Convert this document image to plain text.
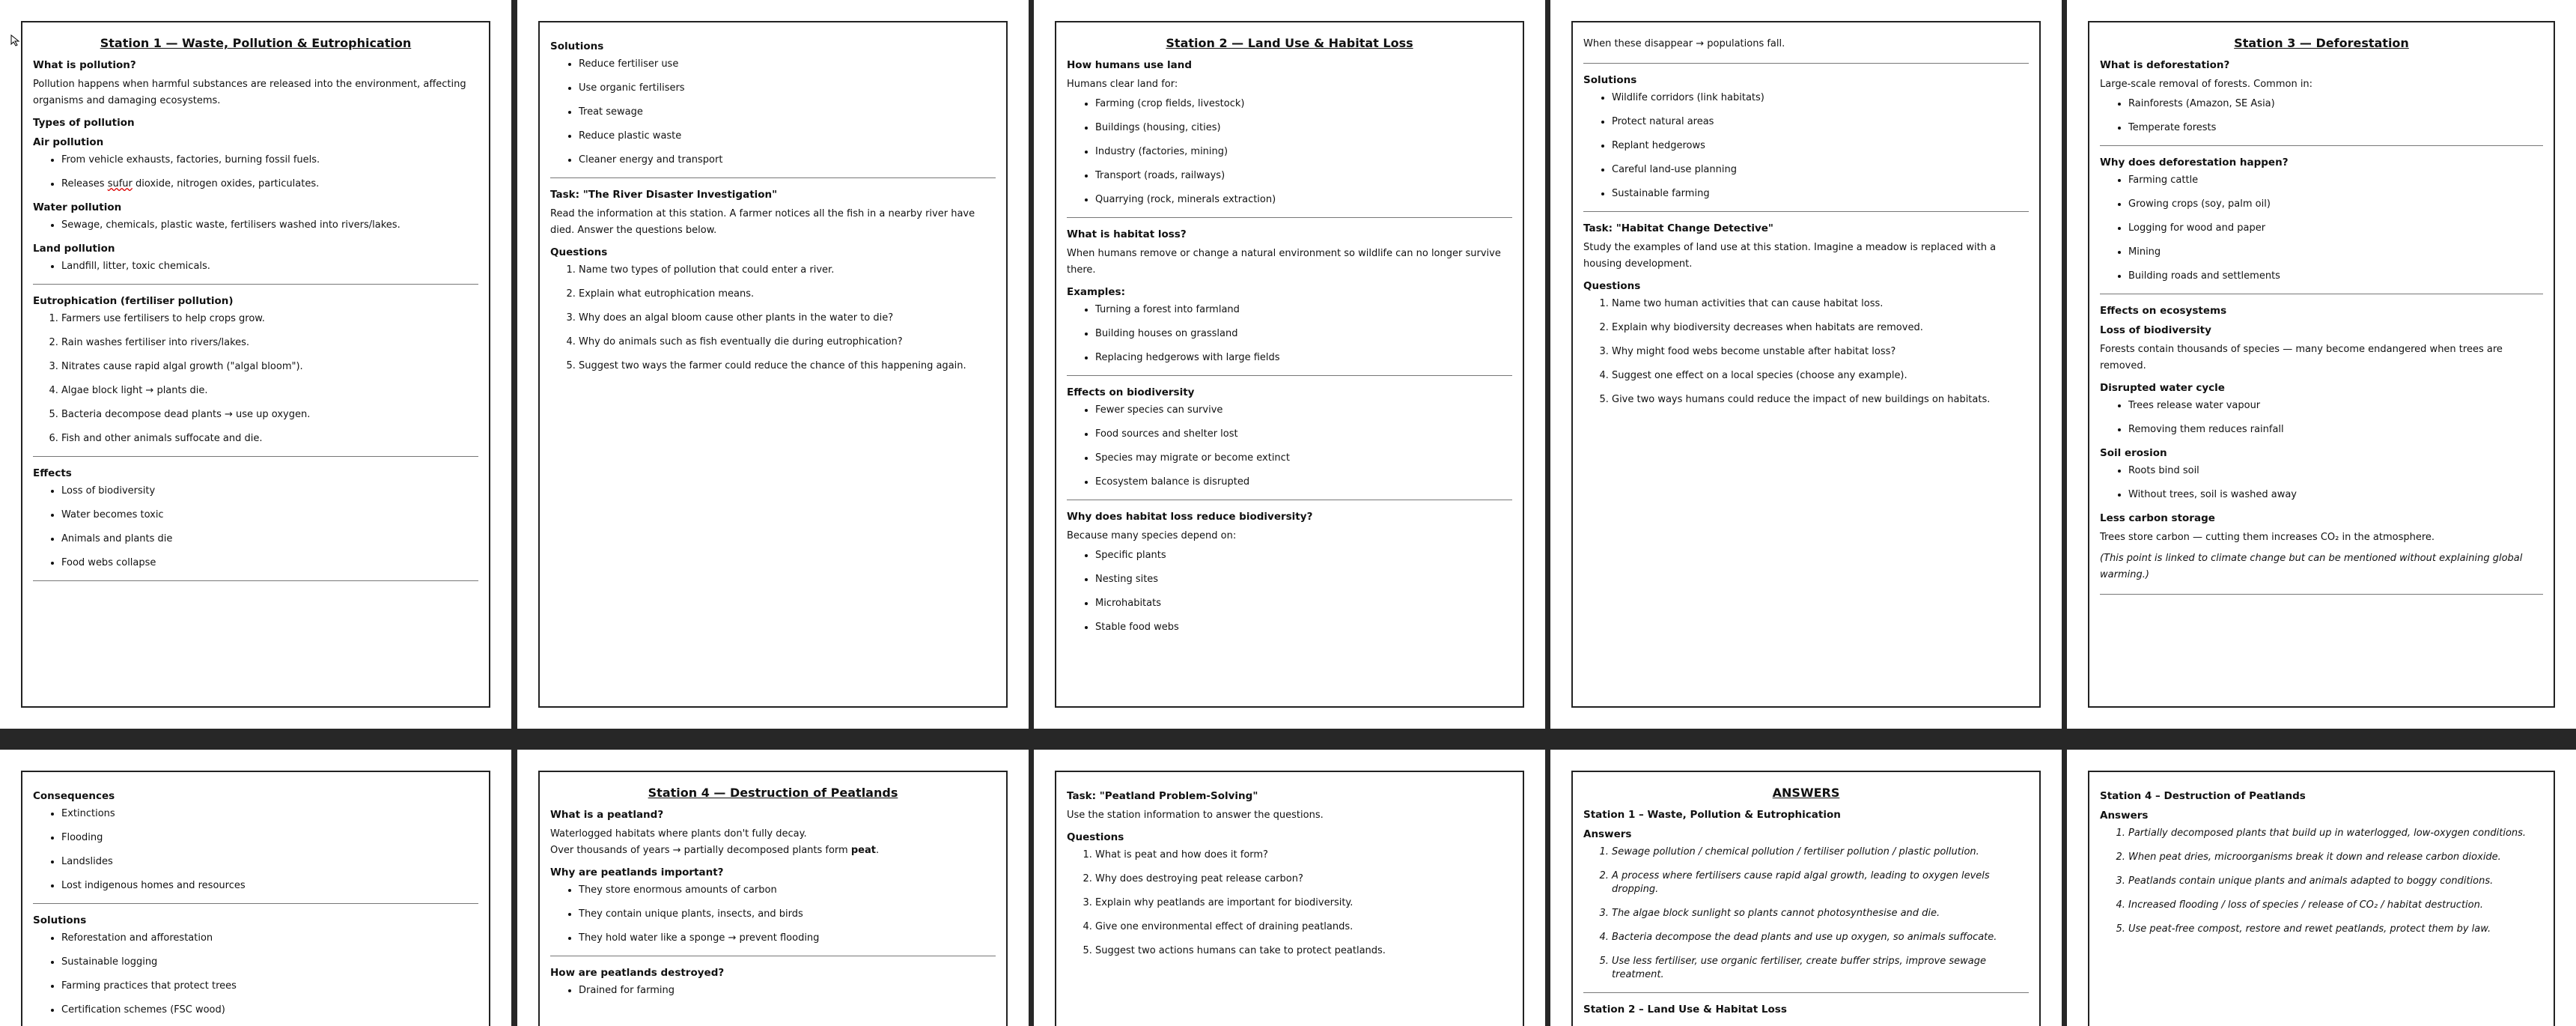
Station 1 — Waste, Pollution & Eutrophication
What is pollution?

Pollution happens when harmful substances are released into the environment, affecting organisms and damaging ecosystems.

Types of pollution
Air pollution
• From vehicle exhausts, factories, burning fossil fuels.
• Releases sufur dioxide, nitrogen oxides, particulates.
Water pollution
• Sewage, chemicals, plastic waste, fertilisers washed into rivers/lakes.
Land pollution
• Landfill, litter, toxic chemicals.
Eutrophication (fertiliser pollution)
1. Farmers use fertilisers to help crops grow.
2. Rain washes fertiliser into rivers/lakes.
3. Nitrates cause rapid algal growth ("algal bloom").
4. Algae block light → plants die.
5. Bacteria decompose dead plants → use up oxygen.
6. Fish and other animals suffocate and die.
Effects
• Loss of biodiversity
• Water becomes toxic
• Animals and plants die
• Food webs collapse
Solutions
• Reduce fertiliser use
• Use organic fertilisers
• Treat sewage
• Reduce plastic waste
• Cleaner energy and transport
Task: "The River Disaster Investigation"

Read the information at this station. A farmer notices all the fish in a nearby river have died. Answer the questions below.

Questions
1. Name two types of pollution that could enter a river.
2. Explain what eutrophication means.
3. Why does an algal bloom cause other plants in the water to die?
4. Why do animals such as fish eventually die during eutrophication?
5. Suggest two ways the farmer could reduce the chance of this happening again.
Station 2 — Land Use & Habitat Loss
How humans use land

Humans clear land for:

• Farming (crop fields, livestock)
• Buildings (housing, cities)
• Industry (factories, mining)
• Transport (roads, railways)
• Quarrying (rock, minerals extraction)
What is habitat loss?

When humans remove or change a natural environment so wildlife can no longer survive there.

Examples:
• Turning a forest into farmland
• Building houses on grassland
• Replacing hedgerows with large fields
Effects on biodiversity
• Fewer species can survive
• Food sources and shelter lost
• Species may migrate or become extinct
• Ecosystem balance is disrupted
Why does habitat loss reduce biodiversity?

Because many species depend on:

• Specific plants
• Nesting sites
• Microhabitats
• Stable food webs

When these disappear → populations fall.

Solutions
• Wildlife corridors (link habitats)
• Protect natural areas
• Replant hedgerows
• Careful land-use planning
• Sustainable farming
Task: "Habitat Change Detective"

Study the examples of land use at this station. Imagine a meadow is replaced with a housing development.

Questions
1. Name two human activities that can cause habitat loss.
2. Explain why biodiversity decreases when habitats are removed.
3. Why might food webs become unstable after habitat loss?
4. Suggest one effect on a local species (choose any example).
5. Give two ways humans could reduce the impact of new buildings on habitats.
Station 3 — Deforestation
What is deforestation?

Large-scale removal of forests. Common in:

• Rainforests (Amazon, SE Asia)
• Temperate forests
Why does deforestation happen?
• Farming cattle
• Growing crops (soy, palm oil)
• Logging for wood and paper
• Mining
• Building roads and settlements
Effects on ecosystems
Loss of biodiversity

Forests contain thousands of species — many become endangered when trees are removed.

Disrupted water cycle
• Trees release water vapour
• Removing them reduces rainfall
Soil erosion
• Roots bind soil
• Without trees, soil is washed away
Less carbon storage

Trees store carbon — cutting them increases CO₂ in the atmosphere.

(This point is linked to climate change but can be mentioned without explaining global warming.)

Consequences
• Extinctions
• Flooding
• Landslides
• Lost indigenous homes and resources
Solutions
• Reforestation and afforestation
• Sustainable logging
• Farming practices that protect trees
• Certification schemes (FSC wood)
Station 4 — Destruction of Peatlands
What is a peatland?

Waterlogged habitats where plants don't fully decay.

Over thousands of years → partially decomposed plants form peat.

Why are peatlands important?
• They store enormous amounts of carbon
• They contain unique plants, insects, and birds
• They hold water like a sponge → prevent flooding
How are peatlands destroyed?
• Drained for farming
Task: "Peatland Problem-Solving"

Use the station information to answer the questions.

Questions
1. What is peat and how does it form?
2. Why does destroying peat release carbon?
3. Explain why peatlands are important for biodiversity.
4. Give one environmental effect of draining peatlands.
5. Suggest two actions humans can take to protect peatlands.
ANSWERS
Station 1 – Waste, Pollution & Eutrophication
Answers
1. Sewage pollution / chemical pollution / fertiliser pollution / plastic pollution.
2. A process where fertilisers cause rapid algal growth, leading to oxygen levels dropping.
3. The algae block sunlight so plants cannot photosynthesise and die.
4. Bacteria decompose the dead plants and use up oxygen, so animals suffocate.
5. Use less fertiliser, use organic fertiliser, create buffer strips, improve sewage treatment.
Station 2 – Land Use & Habitat Loss
Station 4 – Destruction of Peatlands
Answers
1. Partially decomposed plants that build up in waterlogged, low-oxygen conditions.
2. When peat dries, microorganisms break it down and release carbon dioxide.
3. Peatlands contain unique plants and animals adapted to boggy conditions.
4. Increased flooding / loss of species / release of CO₂ / habitat destruction.
5. Use peat-free compost, restore and rewet peatlands, protect them by law.
